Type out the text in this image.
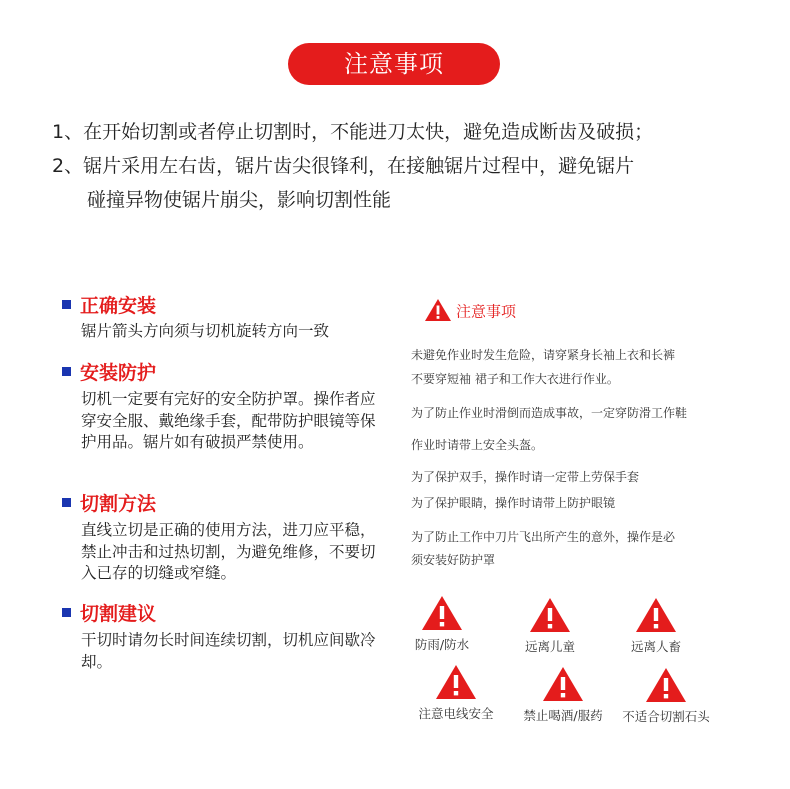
注意事项
1、在开始切割或者停止切割时，不能进刀太快，避免造成断齿及破损；
2、锯片采用左右齿，锯片齿尖很锋利，在接触锯片过程中，避免锯片
碰撞异物使锯片崩尖，影响切割性能
正确安装
锯片箭头方向须与切机旋转方向一致
安装防护
切机一定要有完好的安全防护罩。操作者应穿安全服、戴绝缘手套，配带防护眼镜等保护用品。锯片如有破损严禁使用。
切割方法
直线立切是正确的使用方法，进刀应平稳，禁止冲击和过热切割，为避免维修，不要切入已存的切缝或窄缝。
切割建议
干切时请勿长时间连续切割，切机应间歇冷却。
注意事项
未避免作业时发生危险，请穿紧身长袖上衣和长裤
不要穿短袖 裙子和工作大衣进行作业。
为了防止作业时滑倒而造成事故，一定穿防滑工作鞋
作业时请带上安全头盔。
为了保护双手，操作时请一定带上劳保手套
为了保护眼睛，操作时请带上防护眼镜
为了防止工作中刀片飞出所产生的意外，操作是必
须安装好防护罩
防雨/防水	远离儿童	远离人畜
注意电线安全	禁止喝酒/服药	不适合切割石头
